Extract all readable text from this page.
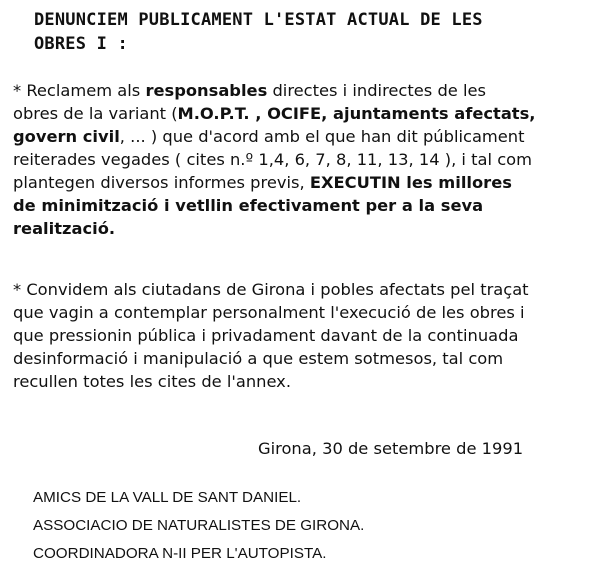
DENUNCIEM PUBLICAMENT L'ESTAT ACTUAL DE LES
OBRES I :
* Reclamem als responsables directes i indirectes de les
obres de la variant (M.O.P.T. , OCIFE, ajuntaments afectats,
govern civil, ... ) que d'acord amb el que han dit públicament
reiterades vegades ( cites n.º 1,4, 6, 7, 8, 11, 13, 14 ), i tal com
plantegen diversos informes previs, EXECUTIN les millores
de minimització i vetllin efectivament per a la seva
realització.
* Convidem als ciutadans de Girona i pobles afectats pel traçat
que vagin a contemplar personalment l'execució de les obres i
que pressionin pública i privadament davant de la continuada
desinformació i manipulació a que estem sotmesos, tal com
recullen totes les cites de l'annex.
Girona, 30 de setembre de 1991
AMICS DE LA VALL DE SANT DANIEL.
ASSOCIACIO DE NATURALISTES DE GIRONA.
COORDINADORA N-II PER L'AUTOPISTA.
